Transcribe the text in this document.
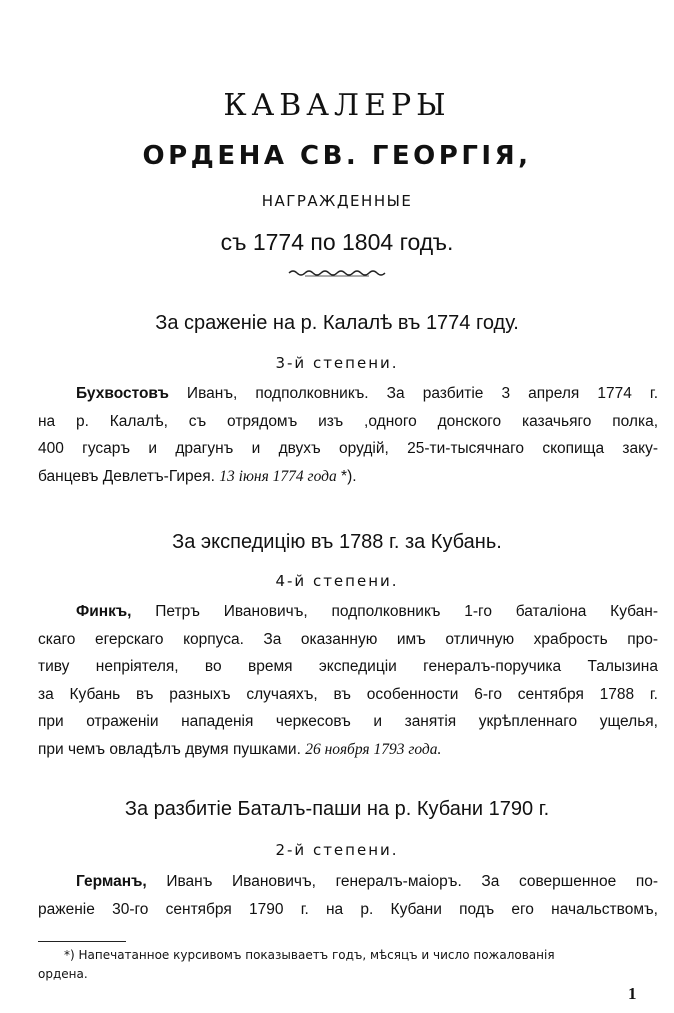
КАВАЛЕРЫ
ОРДЕНА СВ. ГЕОРГІЯ,
НАГРАЖДЕННЫЕ
съ 1774 по 1804 годъ.
За сраженіе на р. Калалѣ въ 1774 году.
3-й степени.
Бухвостовъ Иванъ, подполковникъ. За разбитіе 3 апреля 1774 г.
на р. Калалѣ, съ отрядомъ изъ ,одного донского казачьяго полка,
400 гусаръ и драгунъ и двухъ орудій, 25-ти-тысячнаго скопища заку-
банцевъ Девлетъ-Гирея. 13 іюня 1774 года *).
За экспедицію въ 1788 г. за Кубань.
4-й степени.
Финкъ, Петръ Ивановичъ, подполковникъ 1-го баталіона Кубан-
скаго егерскаго корпуса. За оказанную имъ отличную храбрость про-
тиву непріятеля, во время экспедиціи генералъ-поручика Талызина
за Кубань въ разныхъ случаяхъ, въ особенности 6-го сентября 1788 г.
при отраженіи нападенія черкесовъ и занятія укрѣпленнаго ущелья,
при чемъ овладѣлъ двумя пушками. 26 ноября 1793 года.
За разбитіе Баталъ-паши на р. Кубани 1790 г.
2-й степени.
Германъ, Иванъ Ивановичъ, генералъ-маіоръ. За совершенное по-
раженіе 30-го сентября 1790 г. на р. Кубани подъ его начальствомъ,
*) Напечатанное курсивомъ показываетъ годъ, мѣсяцъ и число пожалованія
ордена.
1
